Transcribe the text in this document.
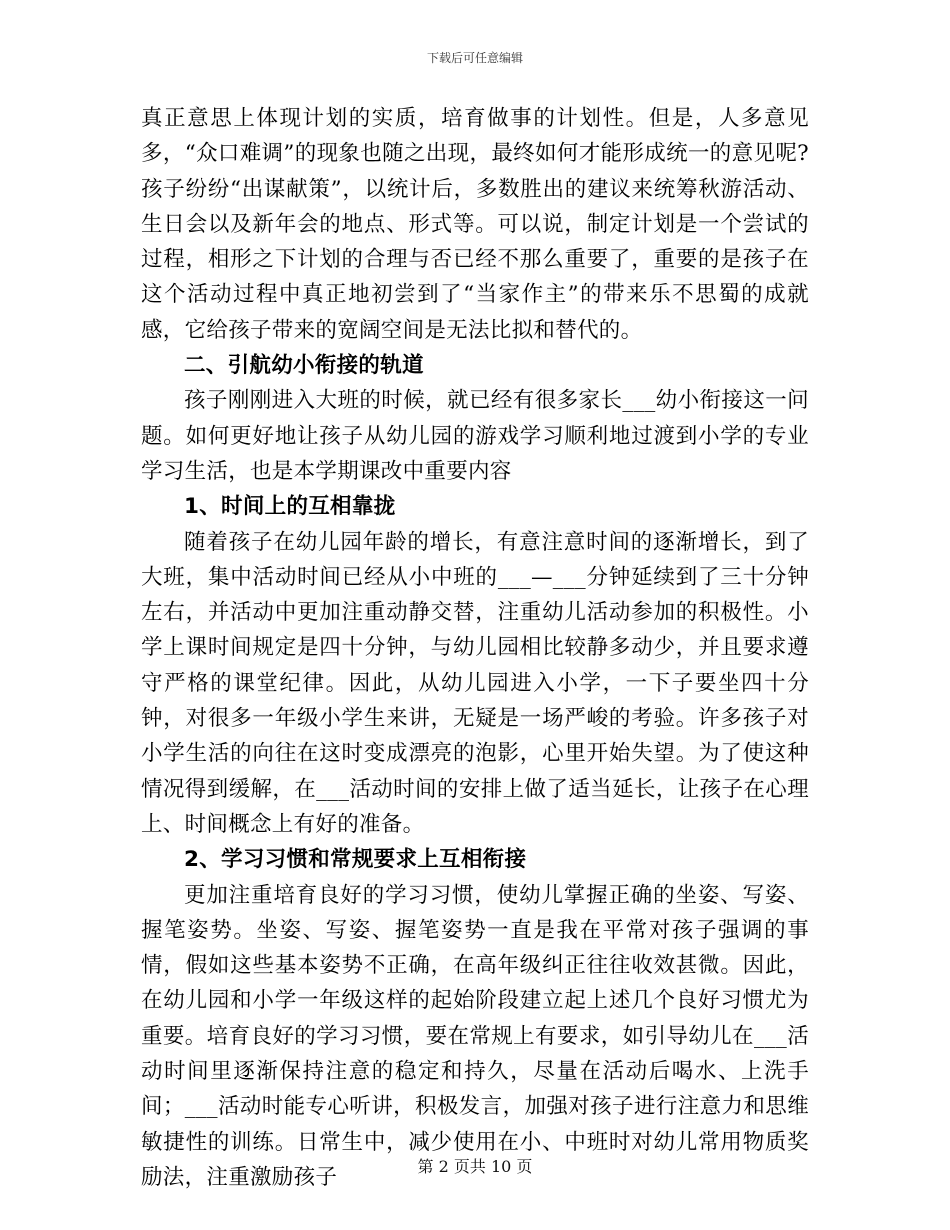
下载后可任意编辑

真正意思上体现计划的实质，培育做事的计划性。但是，人多意见多，“众口难调”的现象也随之出现，最终如何才能形成统一的意见呢?孩子纷纷“出谋献策”，以统计后，多数胜出的建议来统筹秋游活动、生日会以及新年会的地点、形式等。可以说，制定计划是一个尝试的过程，相形之下计划的合理与否已经不那么重要了，重要的是孩子在这个活动过程中真正地初尝到了“当家作主”的带来乐不思蜀的成就感，它给孩子带来的宽阔空间是无法比拟和替代的。

二、引航幼小衔接的轨道

孩子刚刚进入大班的时候，就已经有很多家长___幼小衔接这一问题。如何更好地让孩子从幼儿园的游戏学习顺利地过渡到小学的专业学习生活，也是本学期课改中重要内容

1、时间上的互相靠拢

随着孩子在幼儿园年龄的增长，有意注意时间的逐渐增长，到了大班，集中活动时间已经从小中班的___—___分钟延续到了三十分钟左右，并活动中更加注重动静交替，注重幼儿活动参加的积极性。小学上课时间规定是四十分钟，与幼儿园相比较静多动少，并且要求遵守严格的课堂纪律。因此，从幼儿园进入小学，一下子要坐四十分钟，对很多一年级小学生来讲，无疑是一场严峻的考验。许多孩子对小学生活的向往在这时变成漂亮的泡影，心里开始失望。为了使这种情况得到缓解，在___活动时间的安排上做了适当延长，让孩子在心理上、时间概念上有好的准备。

2、学习习惯和常规要求上互相衔接

更加注重培育良好的学习习惯，使幼儿掌握正确的坐姿、写姿、握笔姿势。坐姿、写姿、握笔姿势一直是我在平常对孩子强调的事情，假如这些基本姿势不正确，在高年级纠正往往收效甚微。因此，在幼儿园和小学一年级这样的起始阶段建立起上述几个良好习惯尤为重要。培育良好的学习习惯，要在常规上有要求，如引导幼儿在___活动时间里逐渐保持注意的稳定和持久，尽量在活动后喝水、上洗手间；___活动时能专心听讲，积极发言，加强对孩子进行注意力和思维敏捷性的训练。日常生中，减少使用在小、中班时对幼儿常用物质奖励法，注重激励孩子	第 2 页共 10 页
